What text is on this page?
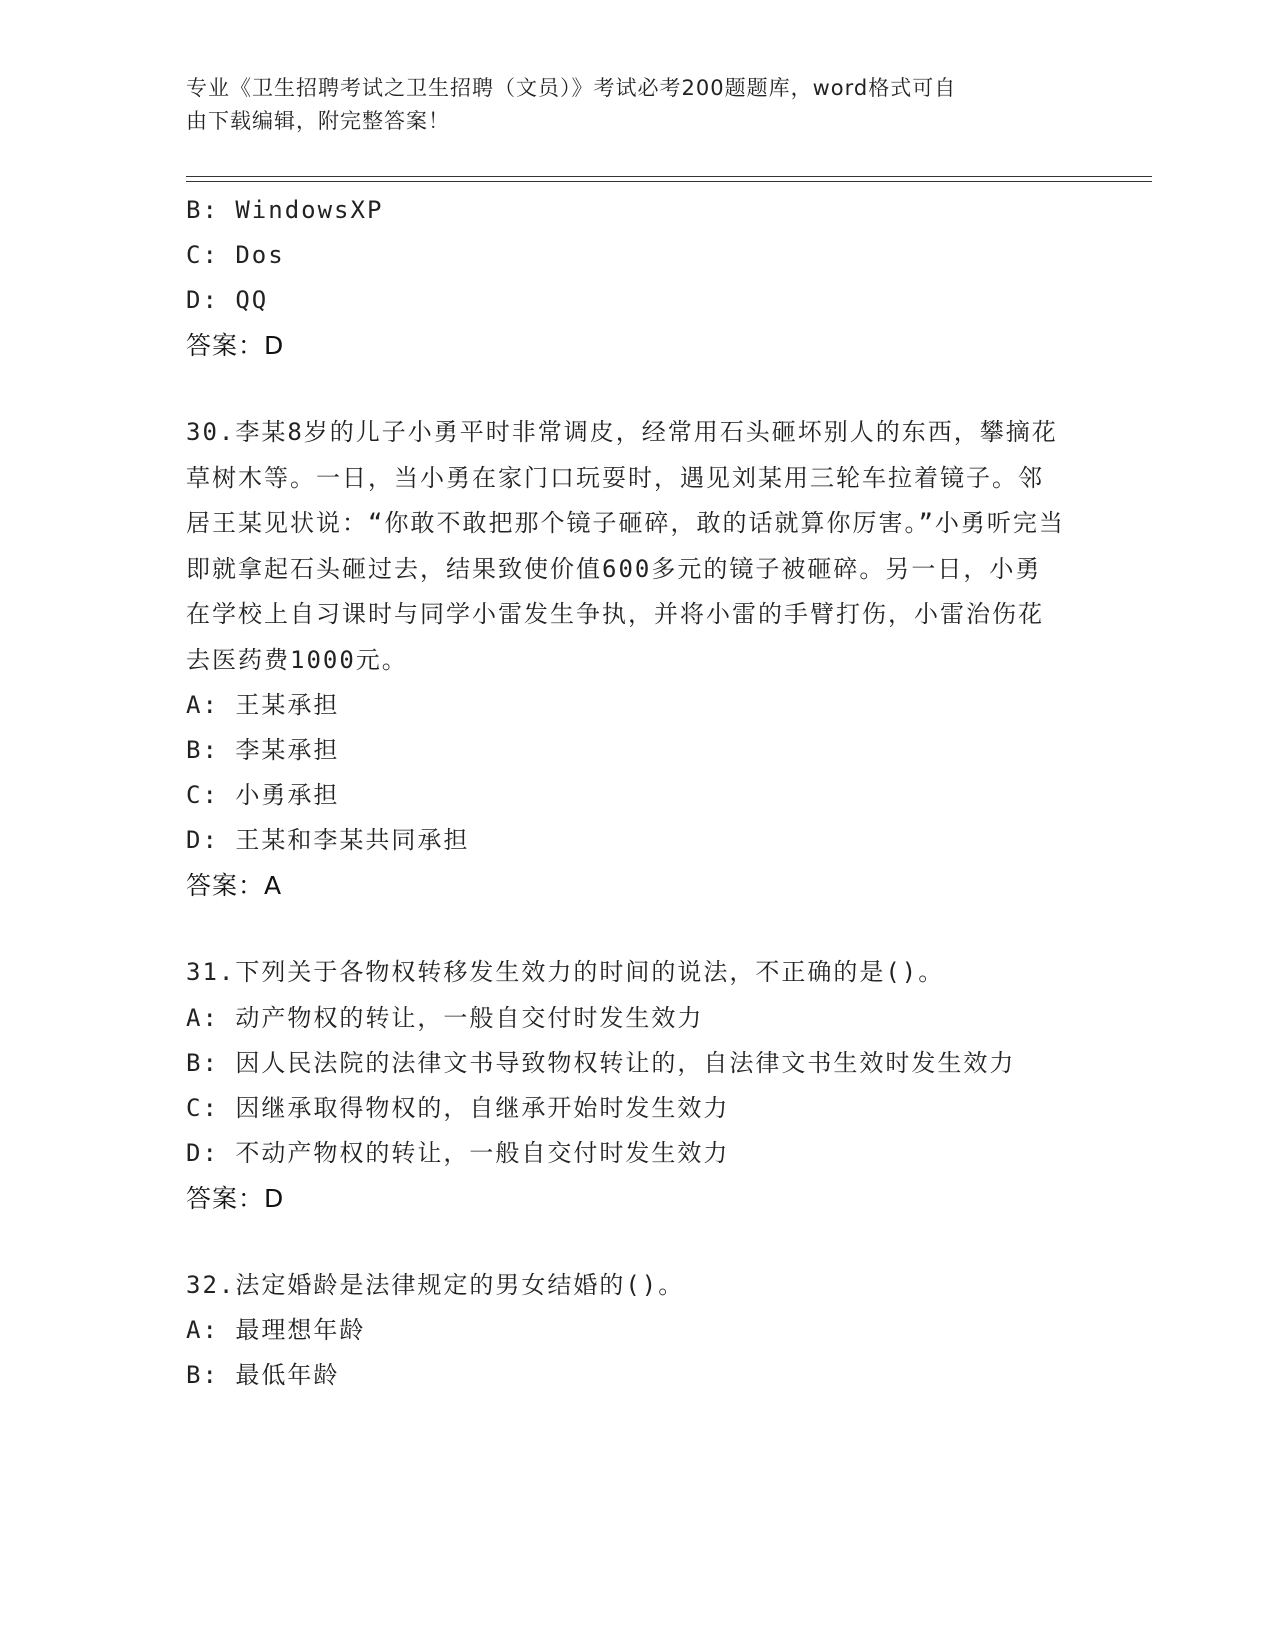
专业《卫生招聘考试之卫生招聘（文员）》考试必考200题题库，word格式可自
由下载编辑，附完整答案！
B: WindowsXP
C: Dos
D: QQ
答案：D
30.李某8岁的儿子小勇平时非常调皮，经常用石头砸坏别人的东西，攀摘花草树木等。一日，当小勇在家门口玩耍时，遇见刘某用三轮车拉着镜子。邻居王某见状说：“你敢不敢把那个镜子砸碎，敢的话就算你厉害。”小勇听完当即就拿起石头砸过去，结果致使价值600多元的镜子被砸碎。另一日，小勇在学校上自习课时与同学小雷发生争执，并将小雷的手臂打伤，小雷治伤花去医药费1000元。
A: 王某承担
B: 李某承担
C: 小勇承担
D: 王某和李某共同承担
答案：A
31.下列关于各物权转移发生效力的时间的说法，不正确的是()。
A: 动产物权的转让，一般自交付时发生效力
B: 因人民法院的法律文书导致物权转让的，自法律文书生效时发生效力
C: 因继承取得物权的，自继承开始时发生效力
D: 不动产物权的转让，一般自交付时发生效力
答案：D
32.法定婚龄是法律规定的男女结婚的()。
A: 最理想年龄
B: 最低年龄
